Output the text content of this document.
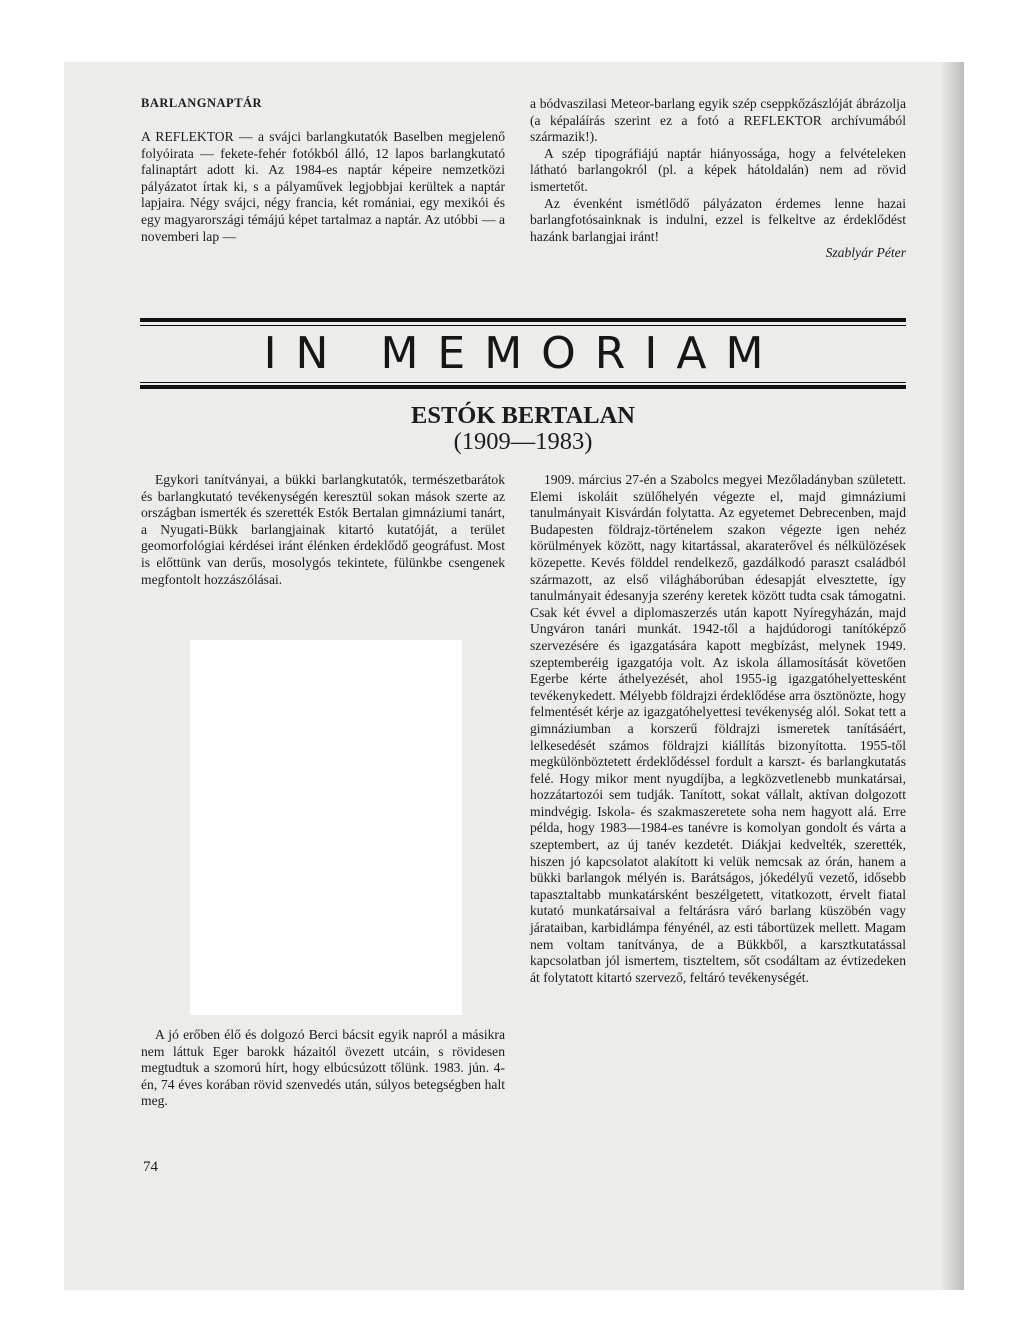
BARLANGNAPTÁR

A REFLEKTOR — a svájci barlangkutatók Baselben megjelenő folyóirata — fekete-fehér fotókból álló, 12 lapos barlangkutató falinaptárt adott ki. Az 1984-es naptár képeire nemzetközi pályázatot írtak ki, s a pályaművek legjobbjai kerültek a naptár lapjaira. Négy svájci, négy francia, két romániai, egy mexikói és egy magyarországi témájú képet tartalmaz a naptár. Az utóbbi — a novemberi lap —

a bódvaszilasi Meteor-barlang egyik szép cseppkőzászlóját ábrázolja (a képaláírás szerint ez a fotó a REFLEKTOR archívumából származik!).

A szép tipográfiájú naptár hiányossága, hogy a felvételeken látható barlangokról (pl. a képek hátoldalán) nem ad rövid ismertetőt.

Az évenként ismétlődő pályázaton érdemes lenne hazai barlangfotósainknak is indulni, ezzel is felkeltve az érdeklődést hazánk barlangjai iránt!

Szablyár Péter

IN MEMORIAM
ESTÓK BERTALAN
(1909—1983)

Egykori tanítványai, a bükki barlangkutatók, természetbarátok és barlangkutató tevékenységén keresztül sokan mások szerte az országban ismerték és szerették Estók Bertalan gimnáziumi tanárt, a Nyugati-Bükk barlangjainak kitartó kutatóját, a terület geomorfológiai kérdései iránt élénken érdeklődő geográfust. Most is előttünk van derűs, mosolygós tekintete, fülünkbe csengenek megfontolt hozzászólásai.

A jó erőben élő és dolgozó Berci bácsit egyik napról a másikra nem láttuk Eger barokk házaitól övezett utcáin, s rövidesen megtudtuk a szomorú hírt, hogy elbúcsúzott tőlünk. 1983. jún. 4-én, 74 éves korában rövid szenvedés után, súlyos betegségben halt meg.

1909. március 27-én a Szabolcs megyei Mezőladányban született. Elemi iskoláit szülőhelyén végezte el, majd gimnáziumi tanulmányait Kisvárdán folytatta. Az egyetemet Debrecenben, majd Budapesten földrajz-történelem szakon végezte igen nehéz körülmények között, nagy kitartással, akaraterővel és nélkülözések közepette. Kevés földdel rendelkező, gazdálkodó paraszt családból származott, az első világháborúban édesapját elvesztette, így tanulmányait édesanyja szerény keretek között tudta csak támogatni. Csak két évvel a diplomaszerzés után kapott Nyíregyházán, majd Ungváron tanári munkát. 1942-től a hajdúdorogi tanítóképző szervezésére és igazgatására kapott megbízást, melynek 1949. szeptemberéig igazgatója volt. Az iskola államosítását követően Egerbe kérte áthelyezését, ahol 1955-ig igazgatóhelyettesként tevékenykedett. Mélyebb földrajzi érdeklődése arra ösztönözte, hogy felmentését kérje az igazgatóhelyettesi tevékenység alól. Sokat tett a gimnáziumban a korszerű földrajzi ismeretek tanításáért, lelkesedését számos földrajzi kiállítás bizonyította. 1955-től megkülönböztetett érdeklődéssel fordult a karszt- és barlangkutatás felé. Hogy mikor ment nyugdíjba, a legközvetlenebb munkatársai, hozzátartozói sem tudják. Tanított, sokat vállalt, aktívan dolgozott mindvégig. Iskola- és szakmaszeretete soha nem hagyott alá. Erre példa, hogy 1983—1984-es tanévre is komolyan gondolt és várta a szeptembert, az új tanév kezdetét. Diákjai kedvelték, szerették, hiszen jó kapcsolatot alakított ki velük nemcsak az órán, hanem a bükki barlangok mélyén is. Barátságos, jókedélyű vezető, idősebb tapasztaltabb munkatársként beszélgetett, vitatkozott, érvelt fiatal kutató munkatársaival a feltárásra váró barlang küszöbén vagy járataiban, karbidlámpa fényénél, az esti tábortüzek mellett. Magam nem voltam tanítványa, de a Bükkből, a karsztkutatással kapcsolatban jól ismertem, tiszteltem, sőt csodáltam az évtizedeken át folytatott kitartó szervező, feltáró tevékenységét.

74
